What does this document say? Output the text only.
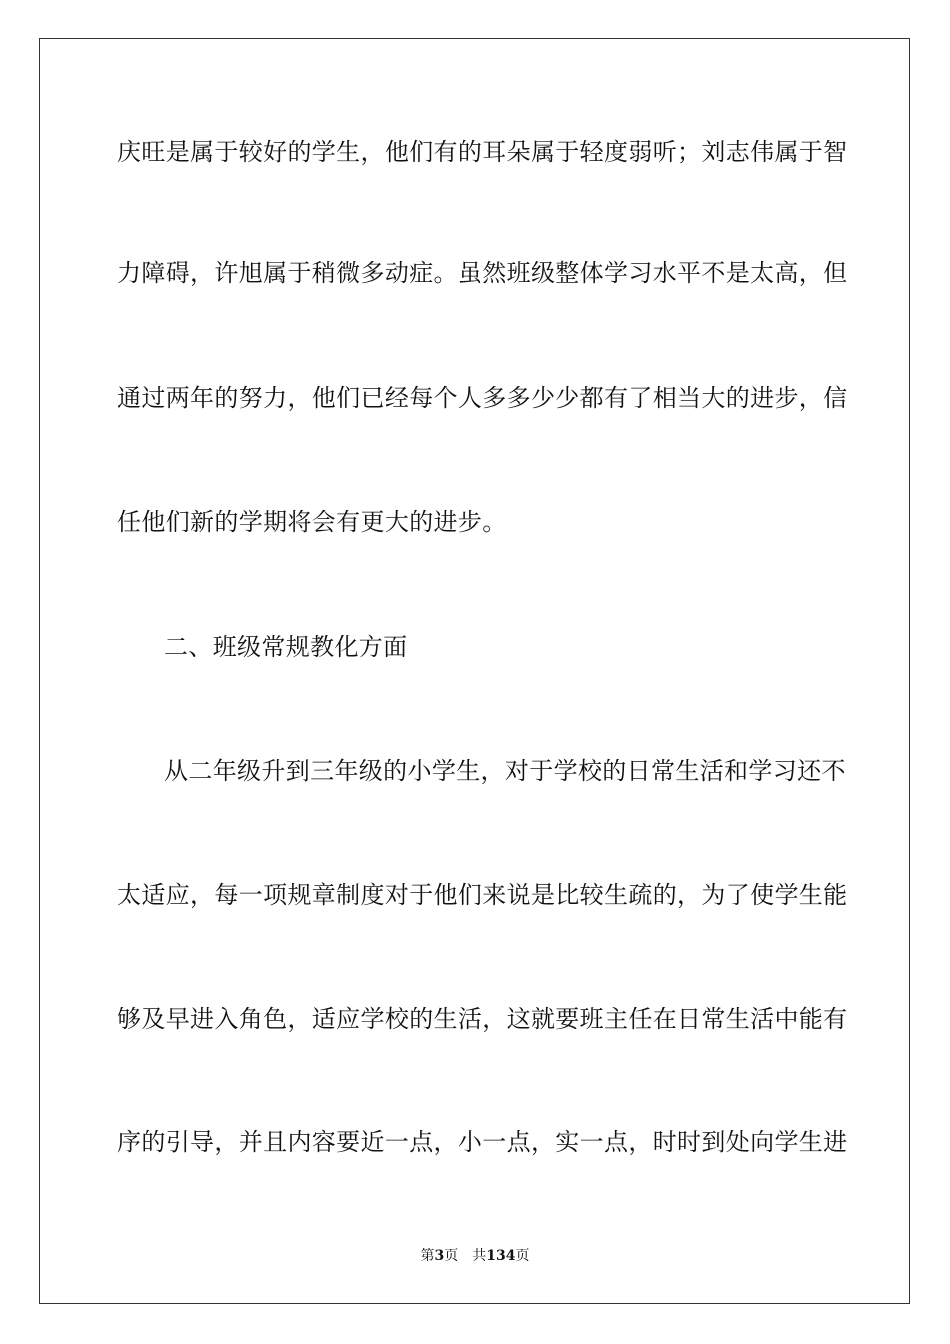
庆旺是属于较好的学生，他们有的耳朵属于轻度弱听；刘志伟属于智
力障碍，许旭属于稍微多动症。虽然班级整体学习水平不是太高，但
通过两年的努力，他们已经每个人多多少少都有了相当大的进步，信
任他们新的学期将会有更大的进步。
二、班级常规教化方面
从二年级升到三年级的小学生，对于学校的日常生活和学习还不
太适应，每一项规章制度对于他们来说是比较生疏的，为了使学生能
够及早进入角色，适应学校的生活，这就要班主任在日常生活中能有
序的引导，并且内容要近一点，小一点，实一点，时时到处向学生进
第3页 共134页
